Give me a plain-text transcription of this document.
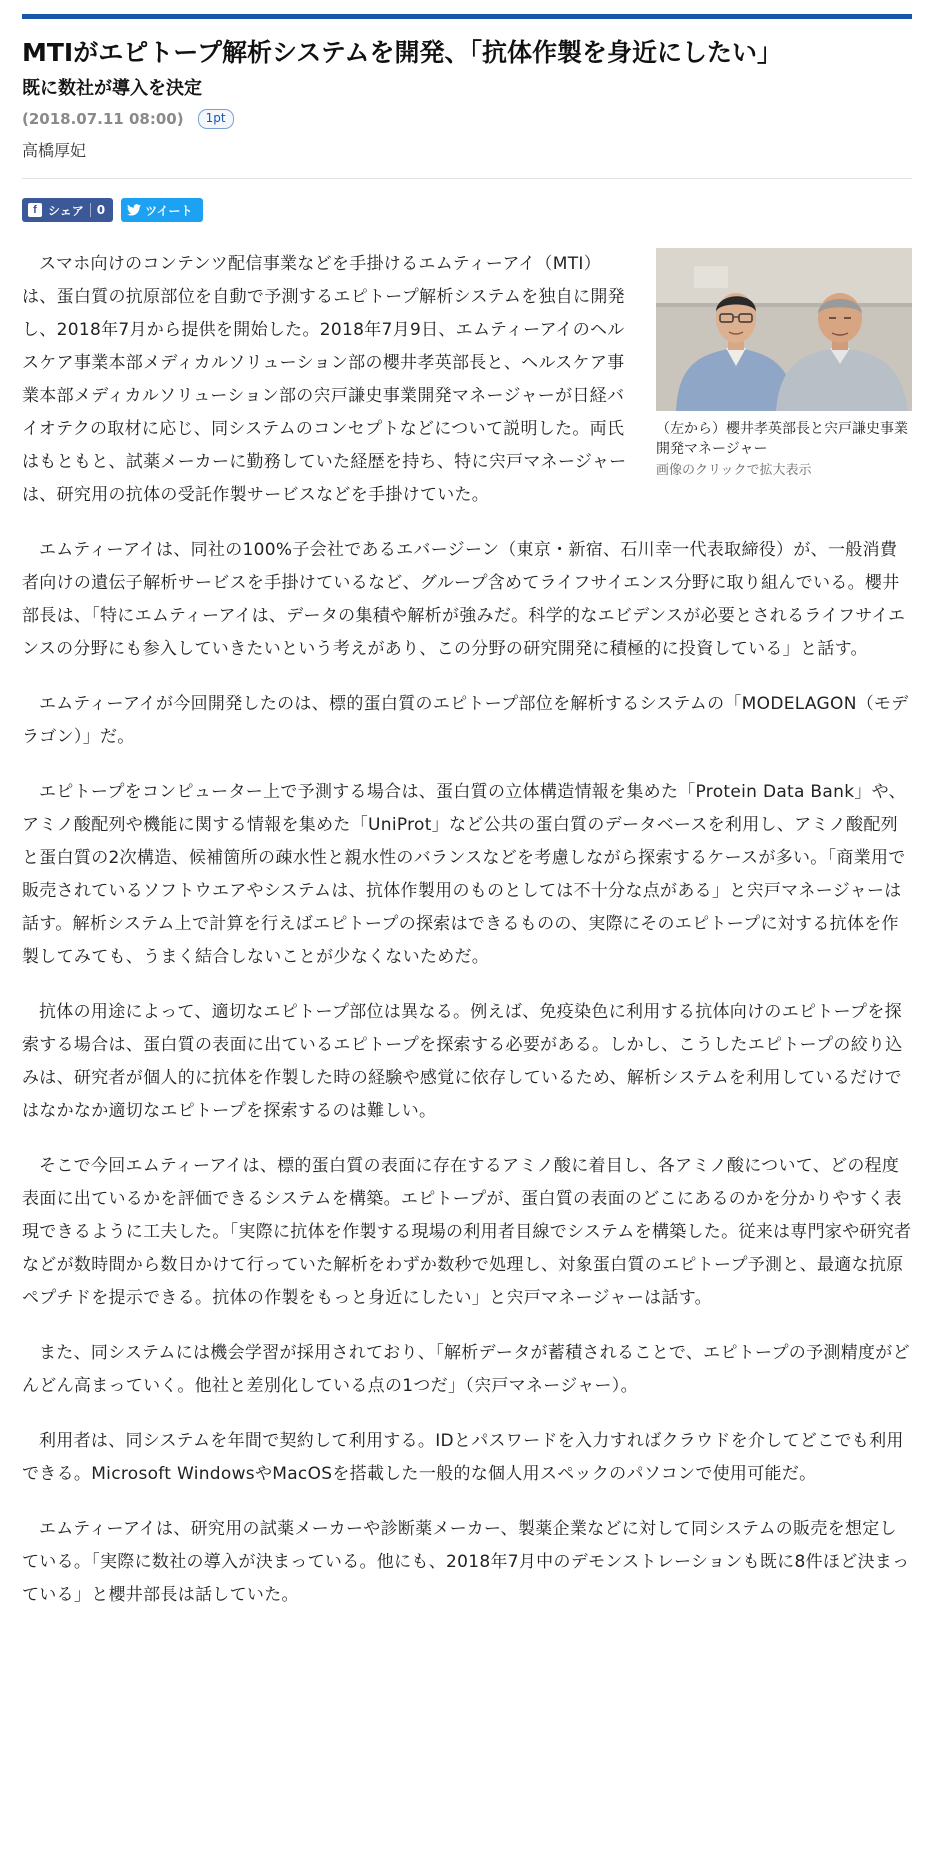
MTIがエピトープ解析システムを開発、「抗体作製を身近にしたい」
既に数社が導入を決定
(2018.07.11 08:00)	1pt
高橋厚妃
f シェア	0	ツイート
（左から）櫻井孝英部長と宍戸謙史事業開発マネージャー
画像のクリックで拡大表示

スマホ向けのコンテンツ配信事業などを手掛けるエムティーアイ（MTI）は、蛋白質の抗原部位を自動で予測するエピトープ解析システムを独自に開発し、2018年7月から提供を開始した。2018年7月9日、エムティーアイのヘルスケア事業本部メディカルソリューション部の櫻井孝英部長と、ヘルスケア事業本部メディカルソリューション部の宍戸謙史事業開発マネージャーが日経バイオテクの取材に応じ、同システムのコンセプトなどについて説明した。両氏はもともと、試薬メーカーに勤務していた経歴を持ち、特に宍戸マネージャーは、研究用の抗体の受託作製サービスなどを手掛けていた。

エムティーアイは、同社の100%子会社であるエバージーン（東京・新宿、石川幸一代表取締役）が、一般消費者向けの遺伝子解析サービスを手掛けているなど、グループ含めてライフサイエンス分野に取り組んでいる。櫻井部長は、「特にエムティーアイは、データの集積や解析が強みだ。科学的なエビデンスが必要とされるライフサイエンスの分野にも参入していきたいという考えがあり、この分野の研究開発に積極的に投資している」と話す。

エムティーアイが今回開発したのは、標的蛋白質のエピトープ部位を解析するシステムの「MODELAGON（モデラゴン）」だ。

エピトープをコンピューター上で予測する場合は、蛋白質の立体構造情報を集めた「Protein Data Bank」や、アミノ酸配列や機能に関する情報を集めた「UniProt」など公共の蛋白質のデータベースを利用し、アミノ酸配列と蛋白質の2次構造、候補箇所の疎水性と親水性のバランスなどを考慮しながら探索するケースが多い。「商業用で販売されているソフトウエアやシステムは、抗体作製用のものとしては不十分な点がある」と宍戸マネージャーは話す。解析システム上で計算を行えばエピトープの探索はできるものの、実際にそのエピトープに対する抗体を作製してみても、うまく結合しないことが少なくないためだ。

抗体の用途によって、適切なエピトープ部位は異なる。例えば、免疫染色に利用する抗体向けのエピトープを探索する場合は、蛋白質の表面に出ているエピトープを探索する必要がある。しかし、こうしたエピトープの絞り込みは、研究者が個人的に抗体を作製した時の経験や感覚に依存しているため、解析システムを利用しているだけではなかなか適切なエピトープを探索するのは難しい。

そこで今回エムティーアイは、標的蛋白質の表面に存在するアミノ酸に着目し、各アミノ酸について、どの程度表面に出ているかを評価できるシステムを構築。エピトープが、蛋白質の表面のどこにあるのかを分かりやすく表現できるように工夫した。「実際に抗体を作製する現場の利用者目線でシステムを構築した。従来は専門家や研究者などが数時間から数日かけて行っていた解析をわずか数秒で処理し、対象蛋白質のエピトープ予測と、最適な抗原ペプチドを提示できる。抗体の作製をもっと身近にしたい」と宍戸マネージャーは話す。

また、同システムには機会学習が採用されており、「解析データが蓄積されることで、エピトープの予測精度がどんどん高まっていく。他社と差別化している点の1つだ」（宍戸マネージャー）。

利用者は、同システムを年間で契約して利用する。IDとパスワードを入力すればクラウドを介してどこでも利用できる。Microsoft WindowsやMacOSを搭載した一般的な個人用スペックのパソコンで使用可能だ。

エムティーアイは、研究用の試薬メーカーや診断薬メーカー、製薬企業などに対して同システムの販売を想定している。「実際に数社の導入が決まっている。他にも、2018年7月中のデモンストレーションも既に8件ほど決まっている」と櫻井部長は話していた。
